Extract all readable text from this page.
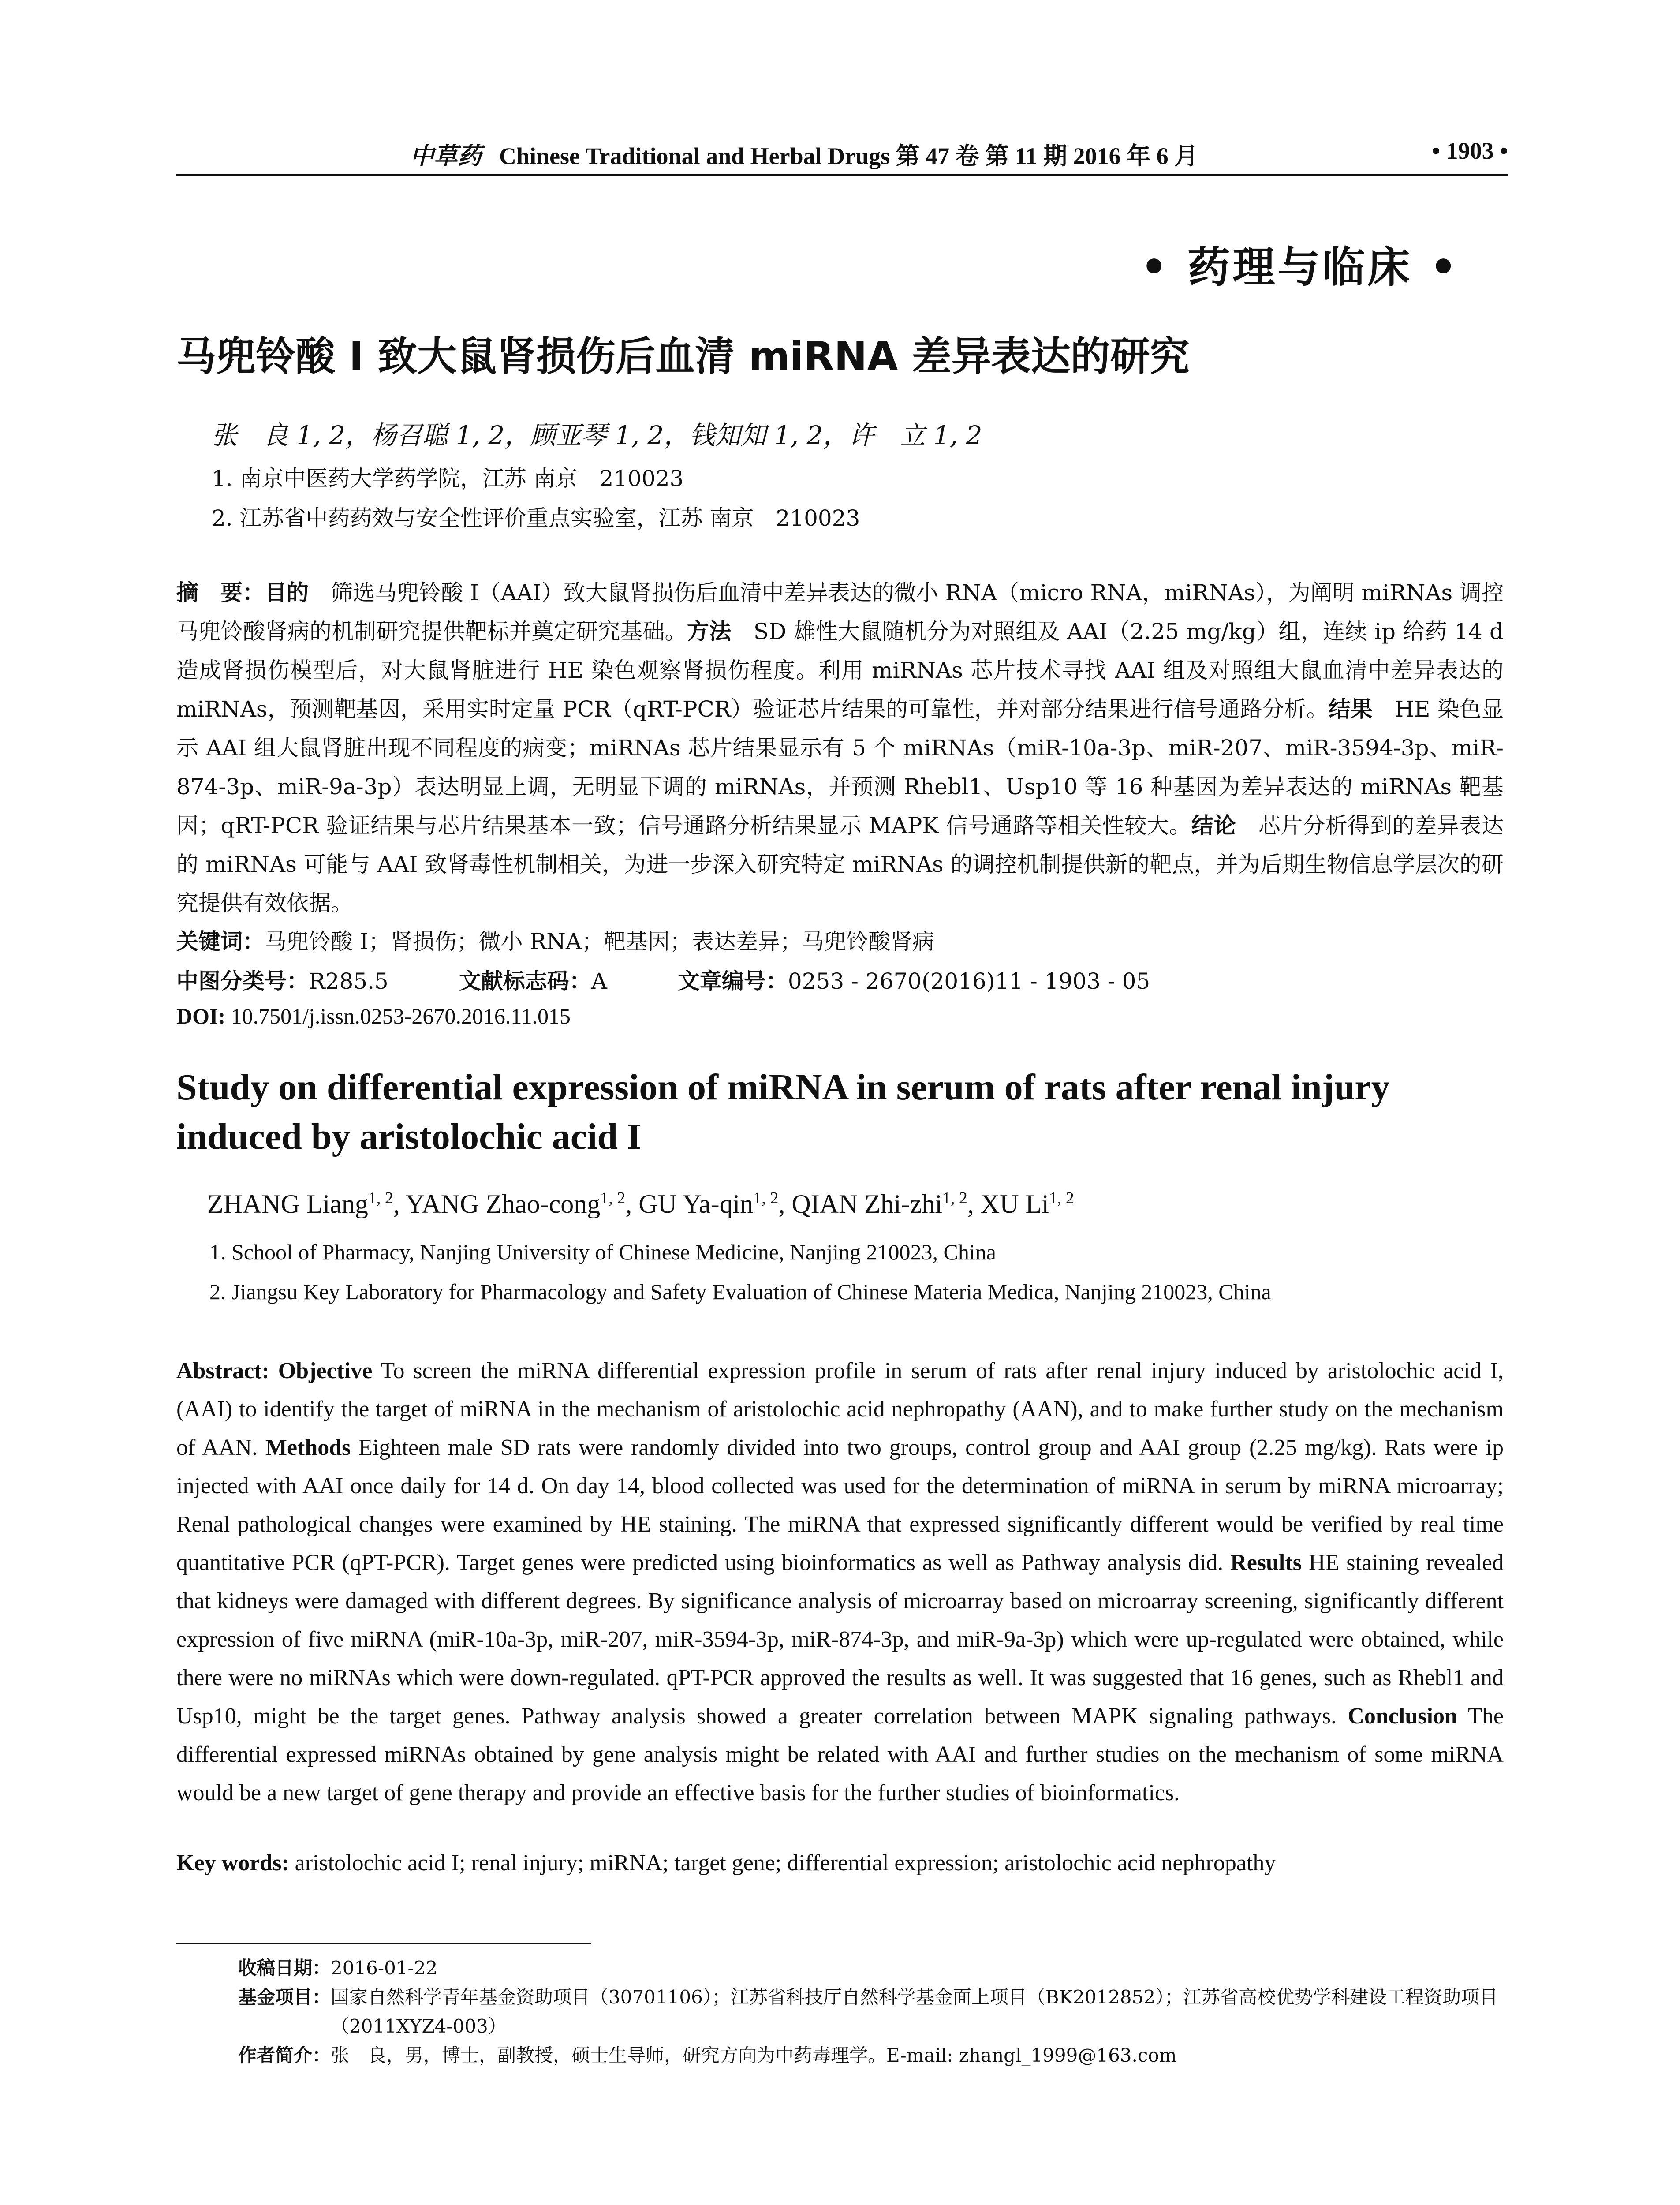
中草药 Chinese Traditional and Herbal Drugs 第 47 卷 第 11 期 2016 年 6 月	• 1903 •
• 药理与临床 •
马兜铃酸 I 致大鼠肾损伤后血清 miRNA 差异表达的研究
张　良 1, 2，杨召聪 1, 2，顾亚琴 1, 2，钱知知 1, 2，许　立 1, 2
1. 南京中医药大学药学院，江苏 南京　210023
2. 江苏省中药药效与安全性评价重点实验室，江苏 南京　210023
摘　要：目的　筛选马兜铃酸 I（AAI）致大鼠肾损伤后血清中差异表达的微小 RNA（micro RNA，miRNAs），为阐明 miRNAs 调控马兜铃酸肾病的机制研究提供靶标并奠定研究基础。方法　SD 雄性大鼠随机分为对照组及 AAI（2.25 mg/kg）组，连续 ip 给药 14 d 造成肾损伤模型后，对大鼠肾脏进行 HE 染色观察肾损伤程度。利用 miRNAs 芯片技术寻找 AAI 组及对照组大鼠血清中差异表达的 miRNAs，预测靶基因，采用实时定量 PCR（qRT-PCR）验证芯片结果的可靠性，并对部分结果进行信号通路分析。结果　HE 染色显示 AAI 组大鼠肾脏出现不同程度的病变；miRNAs 芯片结果显示有 5 个 miRNAs（miR-10a-3p、miR-207、miR-3594-3p、miR-874-3p、miR-9a-3p）表达明显上调，无明显下调的 miRNAs，并预测 Rhebl1、Usp10 等 16 种基因为差异表达的 miRNAs 靶基因；qRT-PCR 验证结果与芯片结果基本一致；信号通路分析结果显示 MAPK 信号通路等相关性较大。结论　芯片分析得到的差异表达的 miRNAs 可能与 AAI 致肾毒性机制相关，为进一步深入研究特定 miRNAs 的调控机制提供新的靶点，并为后期生物信息学层次的研究提供有效依据。
关键词：马兜铃酸 I；肾损伤；微小 RNA；靶基因；表达差异；马兜铃酸肾病
中图分类号：R285.5	文献标志码：A	文章编号：0253 - 2670(2016)11 - 1903 - 05
DOI: 10.7501/j.issn.0253-2670.2016.11.015
Study on differential expression of miRNA in serum of rats after renal injury induced by aristolochic acid I
ZHANG Liang$^{1, 2}$, YANG Zhao-cong$^{1, 2}$, GU Ya-qin$^{1, 2}$, QIAN Zhi-zhi$^{1, 2}$, XU Li$^{1, 2}$
1. School of Pharmacy, Nanjing University of Chinese Medicine, Nanjing 210023, China
2. Jiangsu Key Laboratory for Pharmacology and Safety Evaluation of Chinese Materia Medica, Nanjing 210023, China
Abstract: Objective To screen the miRNA differential expression profile in serum of rats after renal injury induced by aristolochic acid I, (AAI) to identify the target of miRNA in the mechanism of aristolochic acid nephropathy (AAN), and to make further study on the mechanism of AAN. Methods Eighteen male SD rats were randomly divided into two groups, control group and AAI group (2.25 mg/kg). Rats were ip injected with AAI once daily for 14 d. On day 14, blood collected was used for the determination of miRNA in serum by miRNA microarray; Renal pathological changes were examined by HE staining. The miRNA that expressed significantly different would be verified by real time quantitative PCR (qPT-PCR). Target genes were predicted using bioinformatics as well as Pathway analysis did. Results HE staining revealed that kidneys were damaged with different degrees. By significance analysis of microarray based on microarray screening, significantly different expression of five miRNA (miR-10a-3p, miR-207, miR-3594-3p, miR-874-3p, and miR-9a-3p) which were up-regulated were obtained, while there were no miRNAs which were down-regulated. qPT-PCR approved the results as well. It was suggested that 16 genes, such as Rhebl1 and Usp10, might be the target genes. Pathway analysis showed a greater correlation between MAPK signaling pathways. Conclusion The differential expressed miRNAs obtained by gene analysis might be related with AAI and further studies on the mechanism of some miRNA would be a new target of gene therapy and provide an effective basis for the further studies of bioinformatics.
Key words: aristolochic acid I; renal injury; miRNA; target gene; differential expression; aristolochic acid nephropathy
收稿日期： 2016-01-22
基金项目： 国家自然科学青年基金资助项目（30701106）；江苏省科技厅自然科学基金面上项目（BK2012852）；江苏省高校优势学科建设工程资助项目（2011XYZ4-003）
作者简介： 张　良，男，博士，副教授，硕士生导师，研究方向为中药毒理学。E-mail: zhangl_1999@163.com
